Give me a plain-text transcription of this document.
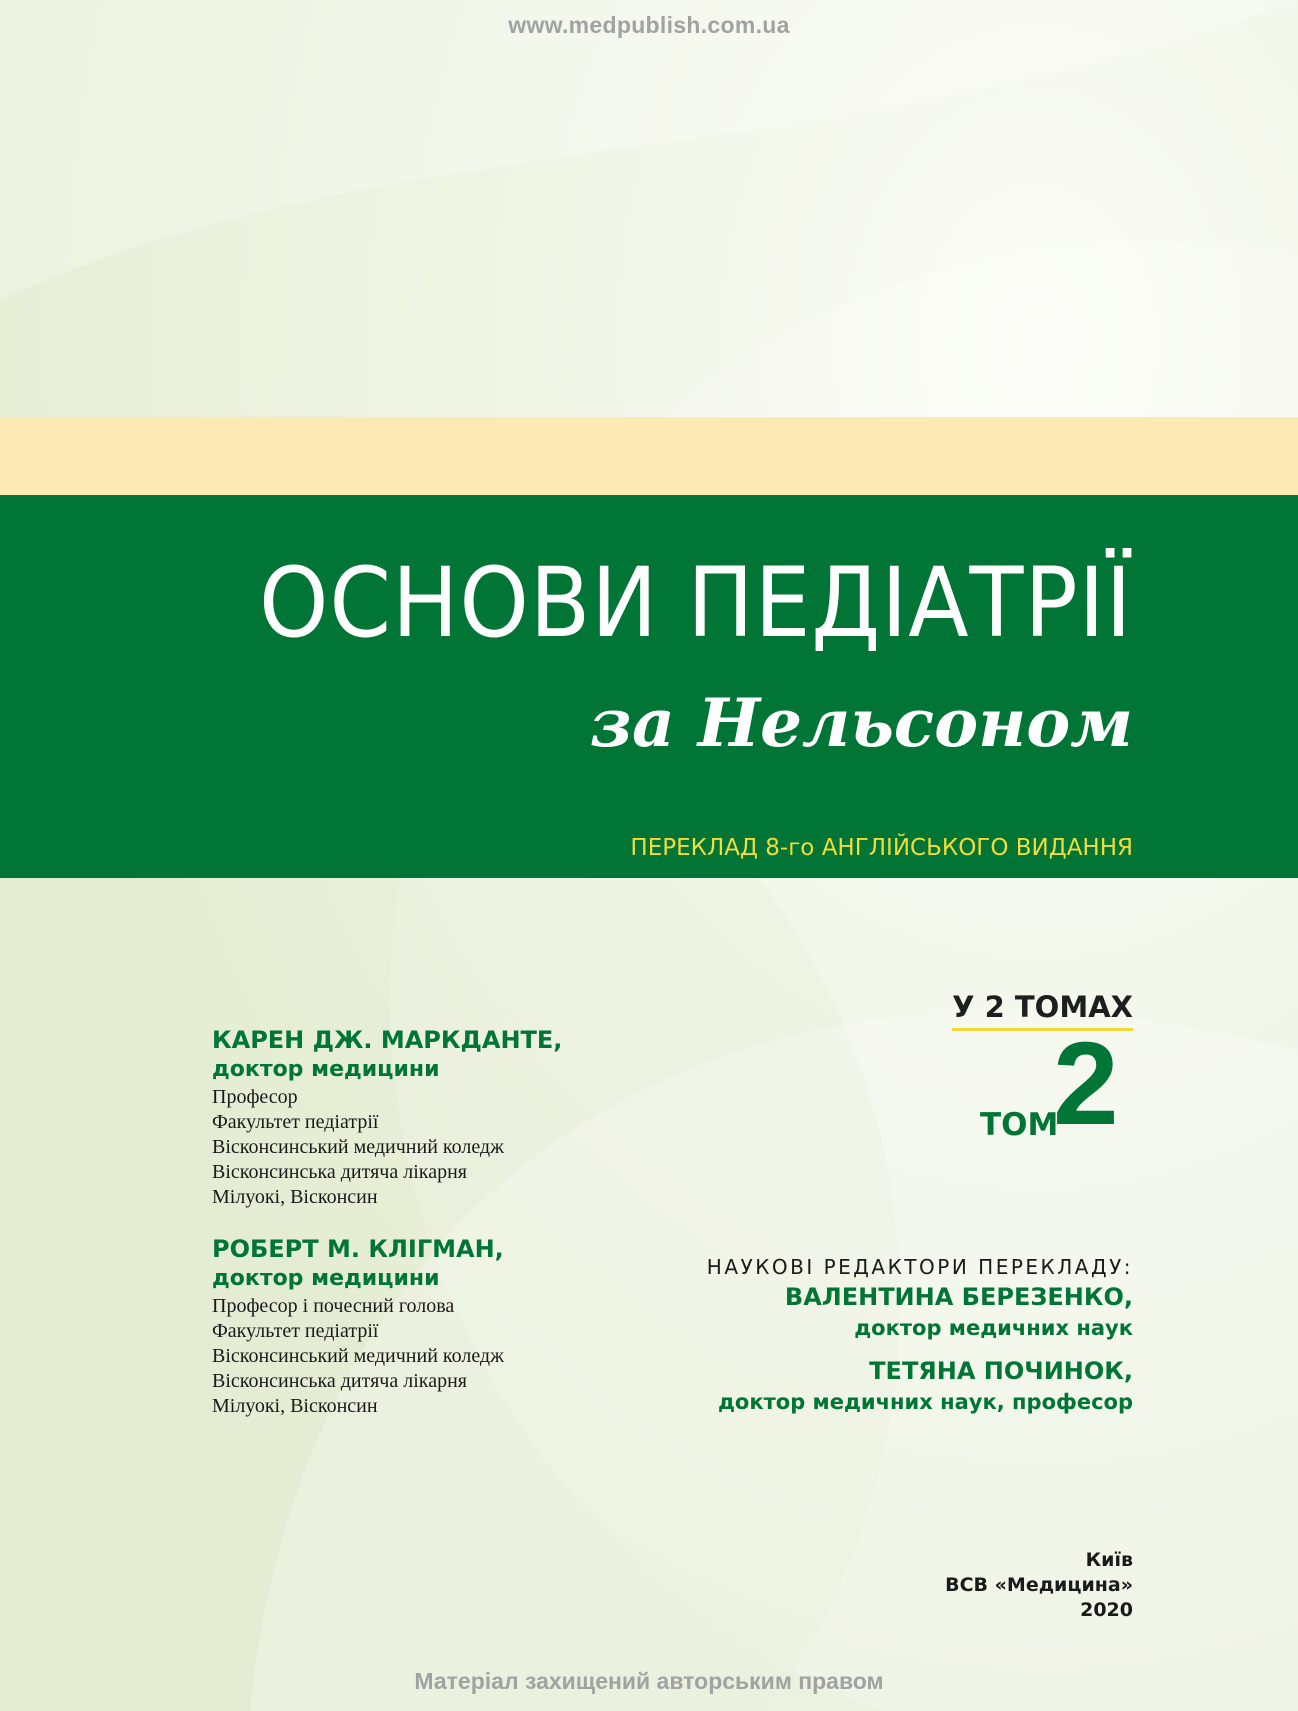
www.medpublish.com.ua
ОСНОВИ ПЕДІАТРІЇ
за Нельсоном
ПЕРЕКЛАД 8-го АНГЛІЙСЬКОГО ВИДАННЯ
У 2 ТОМАХ
ТОМ
2
КАРЕН ДЖ. МАРКДАНТЕ,
доктор медицини
Професор
Факультет педіатрії
Вісконсинський медичний коледж
Вісконсинська дитяча лікарня
Мілуокі, Вісконсин
РОБЕРТ М. КЛІГМАН,
доктор медицини
Професор і почесний голова
Факультет педіатрії
Вісконсинський медичний коледж
Вісконсинська дитяча лікарня
Мілуокі, Вісконсин
НАУКОВІ РЕДАКТОРИ ПЕРЕКЛАДУ:
ВАЛЕНТИНА БЕРЕЗЕНКО,
доктор медичних наук
ТЕТЯНА ПОЧИНОК,
доктор медичних наук, професор
Київ
ВСВ «Медицина»
2020
Матеріал захищений авторським правом
